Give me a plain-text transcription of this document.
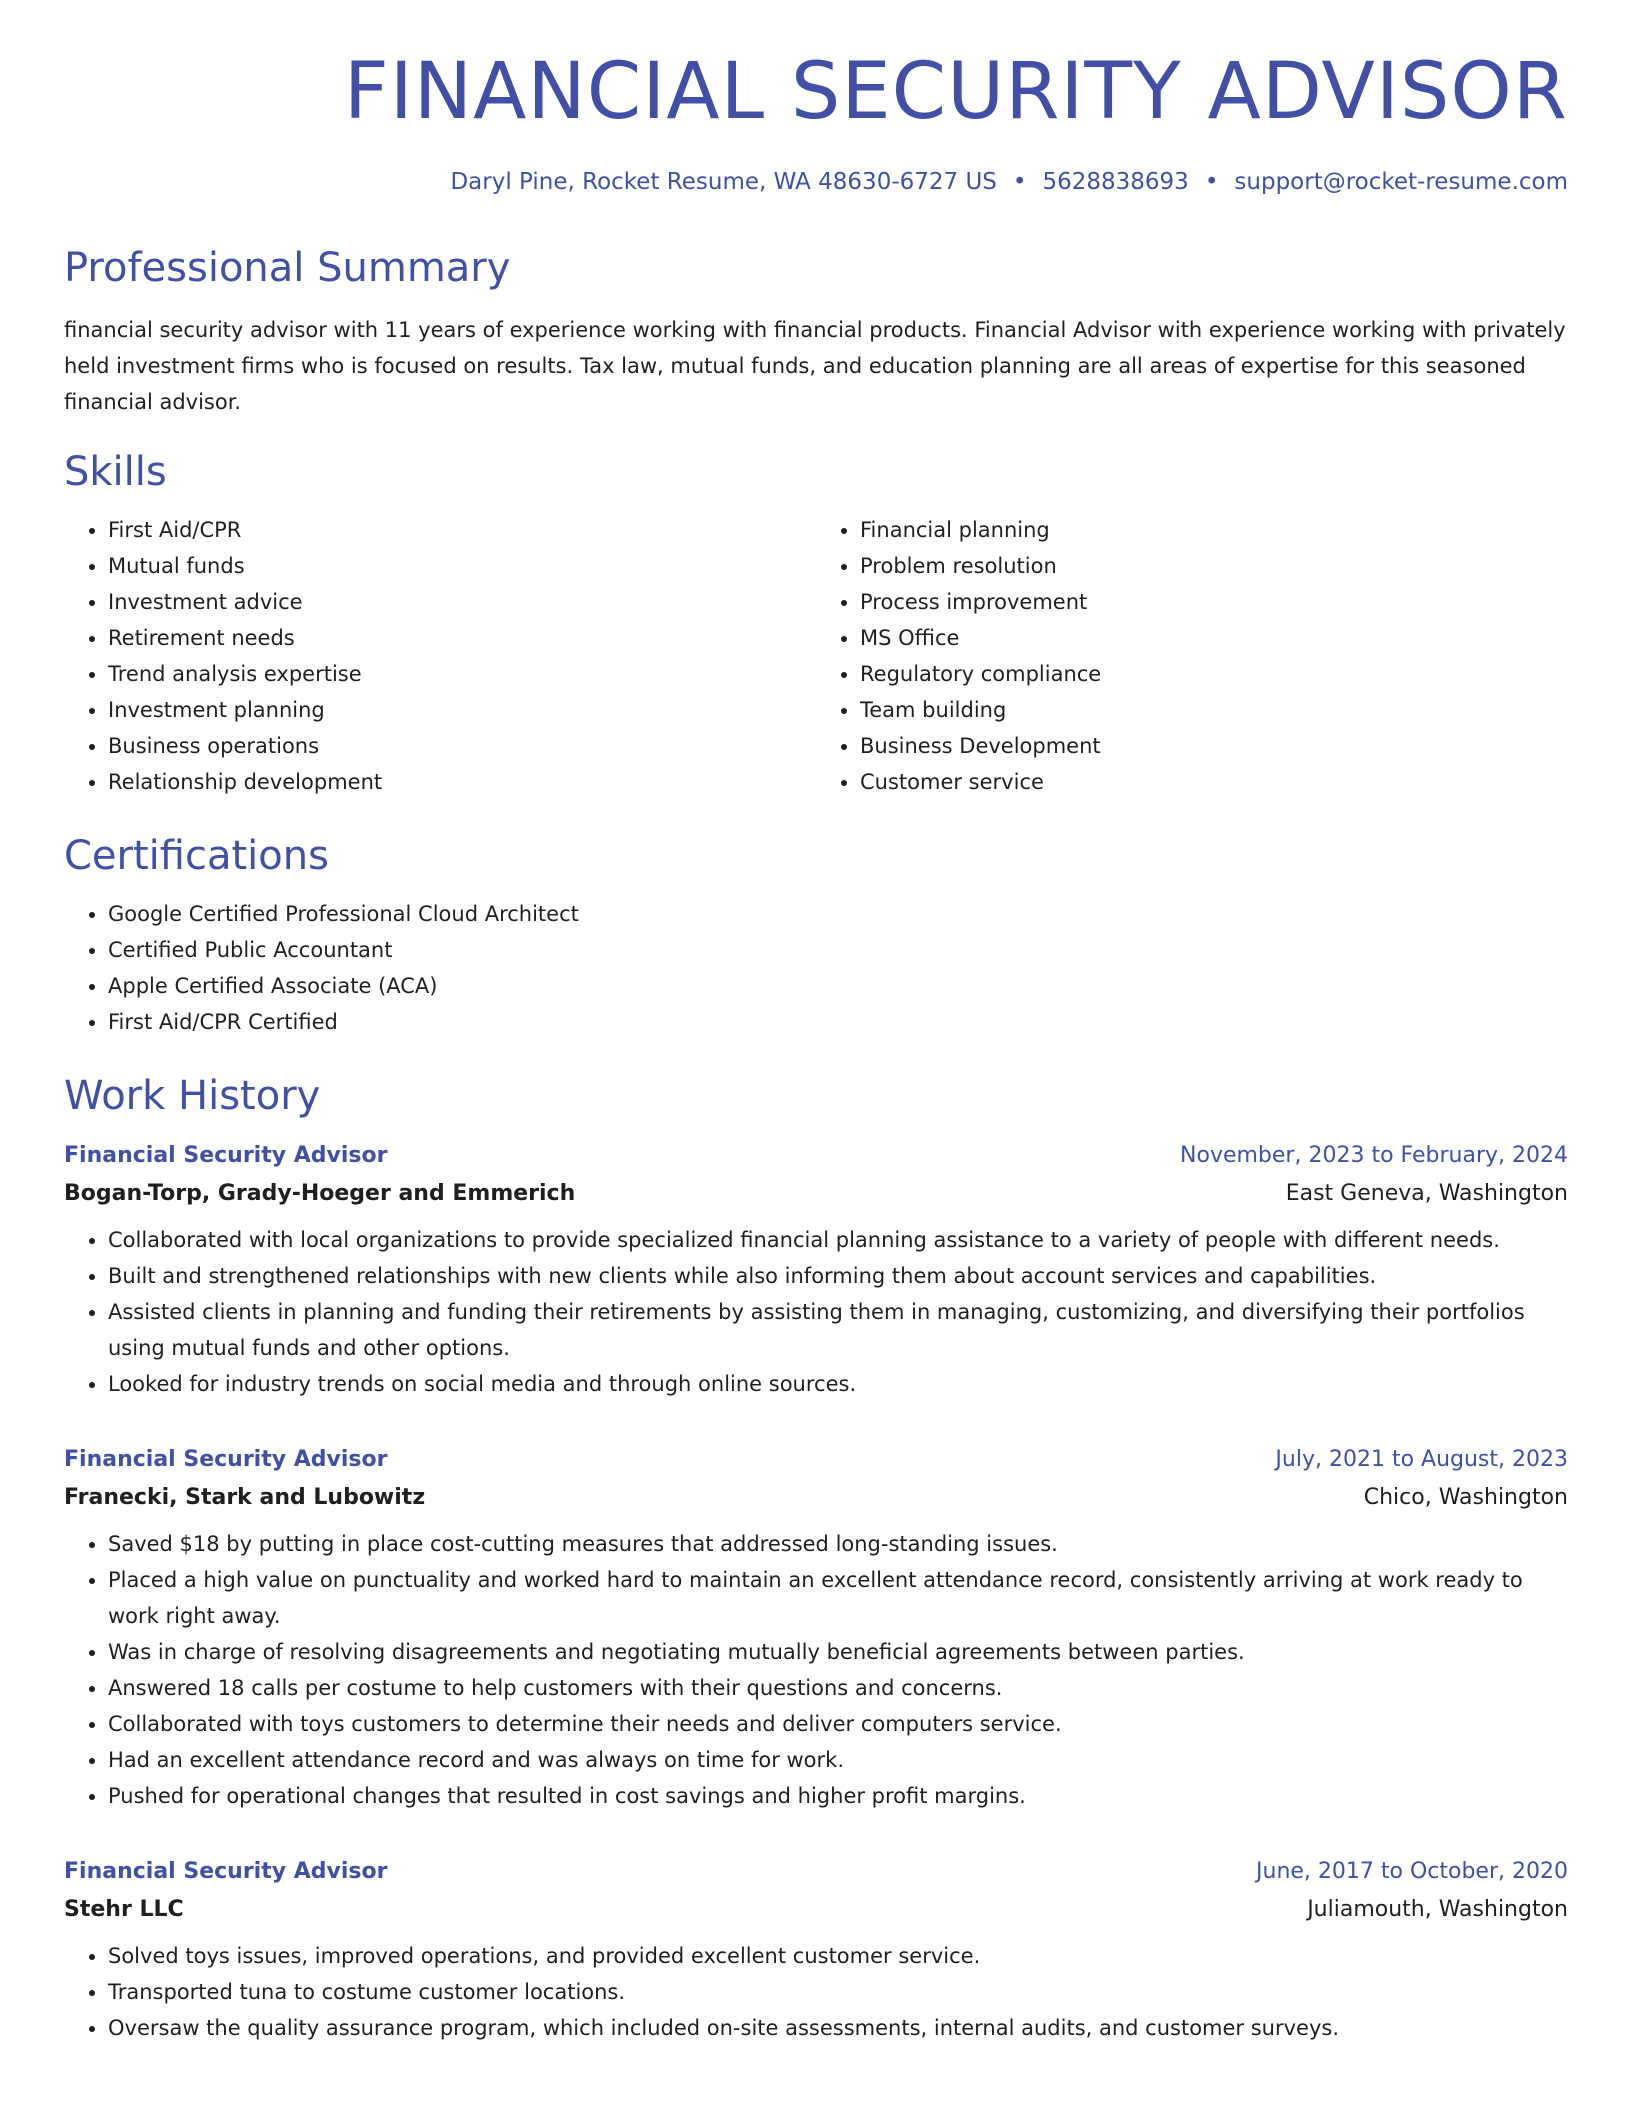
FINANCIAL SECURITY ADVISOR
Daryl Pine, Rocket Resume, WA 48630-6727 US • 5628838693 • support@rocket-resume.com
Professional Summary
financial security advisor with 11 years of experience working with financial products. Financial Advisor with experience working with privately held investment firms who is focused on results. Tax law, mutual funds, and education planning are all areas of expertise for this seasoned financial advisor.
Skills
• First Aid/CPR
• Mutual funds
• Investment advice
• Retirement needs
• Trend analysis expertise
• Investment planning
• Business operations
• Relationship development
• Financial planning
• Problem resolution
• Process improvement
• MS Office
• Regulatory compliance
• Team building
• Business Development
• Customer service
Certifications
• Google Certified Professional Cloud Architect
• Certified Public Accountant
• Apple Certified Associate (ACA)
• First Aid/CPR Certified
Work History
Financial Security Advisor	November, 2023 to February, 2024
Bogan-Torp, Grady-Hoeger and Emmerich	East Geneva, Washington
• Collaborated with local organizations to provide specialized financial planning assistance to a variety of people with different needs.
• Built and strengthened relationships with new clients while also informing them about account services and capabilities.
• Assisted clients in planning and funding their retirements by assisting them in managing, customizing, and diversifying their portfolios using mutual funds and other options.
• Looked for industry trends on social media and through online sources.
Financial Security Advisor	July, 2021 to August, 2023
Franecki, Stark and Lubowitz	Chico, Washington
• Saved $18 by putting in place cost-cutting measures that addressed long-standing issues.
• Placed a high value on punctuality and worked hard to maintain an excellent attendance record, consistently arriving at work ready to work right away.
• Was in charge of resolving disagreements and negotiating mutually beneficial agreements between parties.
• Answered 18 calls per costume to help customers with their questions and concerns.
• Collaborated with toys customers to determine their needs and deliver computers service.
• Had an excellent attendance record and was always on time for work.
• Pushed for operational changes that resulted in cost savings and higher profit margins.
Financial Security Advisor	June, 2017 to October, 2020
Stehr LLC	Juliamouth, Washington
• Solved toys issues, improved operations, and provided excellent customer service.
• Transported tuna to costume customer locations.
• Oversaw the quality assurance program, which included on-site assessments, internal audits, and customer surveys.
